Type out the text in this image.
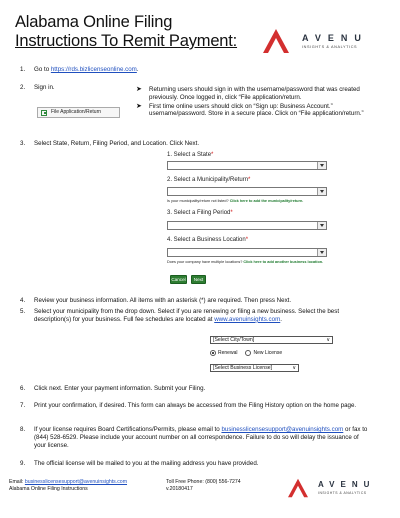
Alabama Online Filing
Instructions To Remit Payment:	AVENU
INSIGHTS & ANALYTICS
1. Go to https://rds.bizlicenseonline.com.
2. Sign in.
File Application/Return
➤ Returning users should sign in with the username/password that was created previously. Once logged in, click “File application/return.
➤ First time online users should click on “Sign up: Business Account.” username/password. Store in a secure place. Click on “File application/return.”
3. Select State, Return, Filing Period, and Location. Click Next.
1. Select a State*
2. Select a Municipality/Return*
Is your municipality/return not listed? Click here to add the municipality/return.
3. Select a Filing Period*
4. Select a Business Location*
Does your company have multiple locations? Click here to add another business location.
Cancel	Next
4. Review your business information. All items with an asterisk (*) are required. Then press Next.
5. Select your municipality from the drop down. Select if you are renewing or filing a new business. Select the best description(s) for your business. Full fee schedules are located at www.avenuinsights.com.
[Select City/Town]	∨
Renewal	New License
[Select Business License]	∨
6. Click next. Enter your payment information. Submit your Filing.
7. Print your confirmation, if desired. This form can always be accessed from the Filing History option on the home page.
8. If your license requires Board Certifications/Permits, please email to businesslicensesupport@avenuinsights.com or fax to (844) 528-6529. Please include your account number on all correspondence. Failure to do so will delay the issuance of your license.
9. The official license will be mailed to you at the mailing address you have provided.
Email: businesslicensesupport@avenuinsights.com
Alabama Online Filing Instructions
Toll Free Phone: (800) 556-7274
v.20180417	AVENU
INSIGHTS & ANALYTICS
